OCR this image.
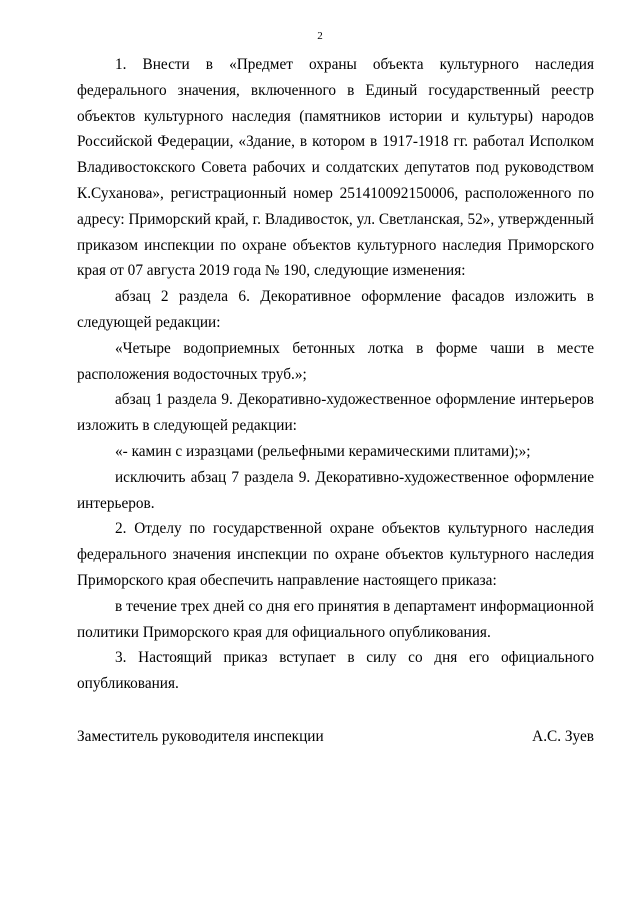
2

1. Внести в «Предмет охраны объекта культурного наследия федерального значения, включенного в Единый государственный реестр объектов культурного наследия (памятников истории и культуры) народов Российской Федерации, «Здание, в котором в 1917-1918 гг. работал Исполком Владивостокского Совета рабочих и солдатских депутатов под руководством К.Суханова», регистрационный номер 251410092150006, расположенного по адресу: Приморский край, г. Владивосток, ул. Светланская, 52», утвержденный приказом инспекции по охране объектов культурного наследия Приморского края от 07 августа 2019 года № 190, следующие изменения:

абзац 2 раздела 6. Декоративное оформление фасадов изложить в следующей редакции:

«Четыре водоприемных бетонных лотка в форме чаши в месте расположения водосточных труб.»;

абзац 1 раздела 9. Декоративно-художественное оформление интерьеров изложить в следующей редакции:

«- камин с изразцами (рельефными керамическими плитами);»;

исключить абзац 7 раздела 9. Декоративно-художественное оформление интерьеров.

2. Отделу по государственной охране объектов культурного наследия федерального значения инспекции по охране объектов культурного наследия Приморского края обеспечить направление настоящего приказа:

в течение трех дней со дня его принятия в департамент информационной политики Приморского края для официального опубликования.

3. Настоящий приказ вступает в силу со дня его официального опубликования.

Заместитель руководителя инспекции	А.С. Зуев
